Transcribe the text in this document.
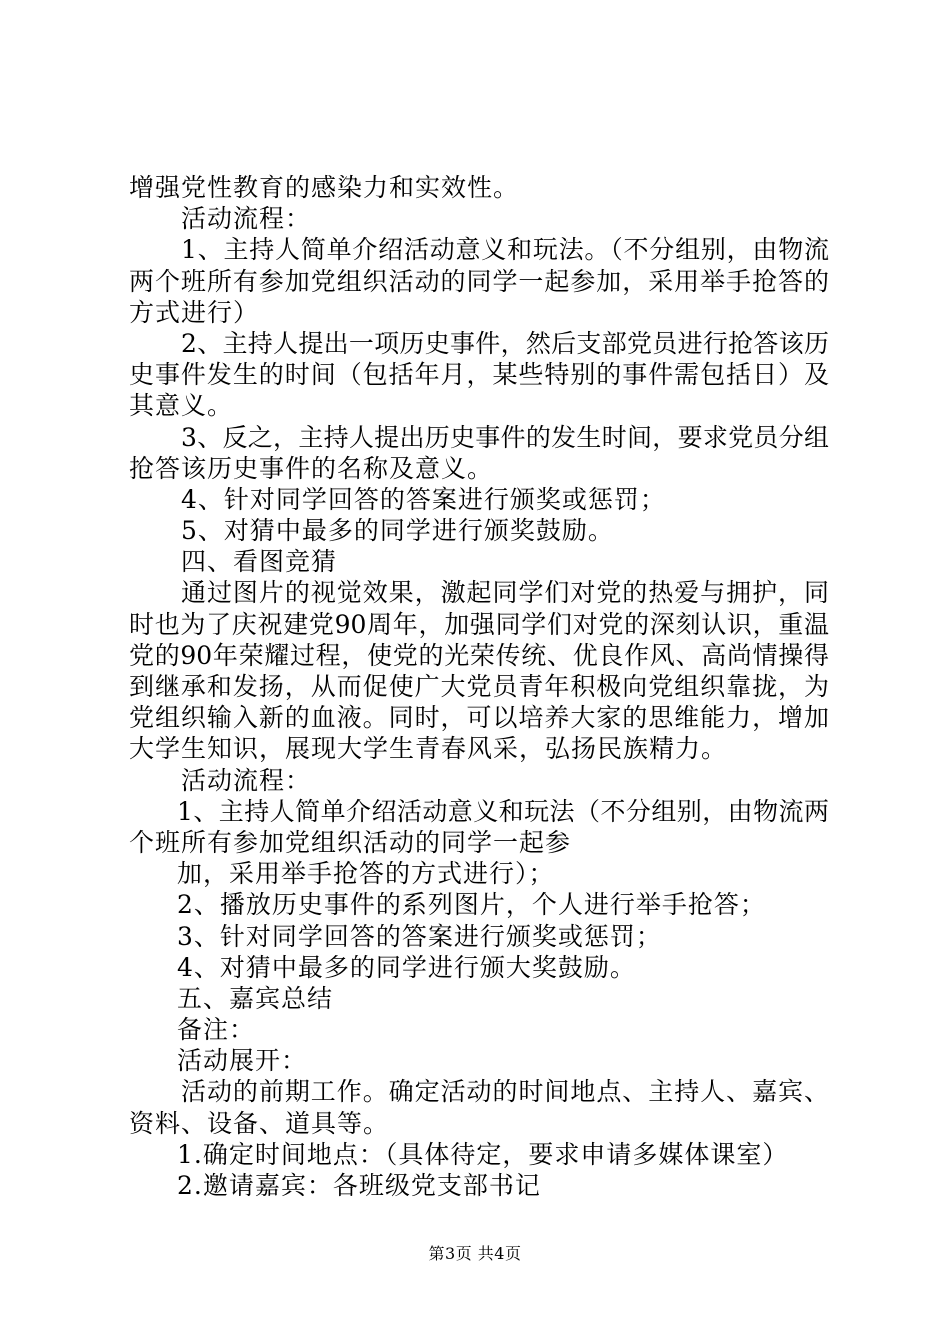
增强党性教育的感染力和实效性。
活动流程：
1、主持人简单介绍活动意义和玩法。（不分组别，由物流
两个班所有参加党组织活动的同学一起参加，采用举手抢答的
方式进行）
2、主持人提出一项历史事件，然后支部党员进行抢答该历
史事件发生的时间（包括年月，某些特别的事件需包括日）及
其意义。
3、反之，主持人提出历史事件的发生时间，要求党员分组
抢答该历史事件的名称及意义。
4、针对同学回答的答案进行颁奖或惩罚；
5、对猜中最多的同学进行颁奖鼓励。
四、看图竞猜
通过图片的视觉效果，激起同学们对党的热爱与拥护，同
时也为了庆祝建党90周年，加强同学们对党的深刻认识，重温
党的90年荣耀过程，使党的光荣传统、优良作风、高尚情操得
到继承和发扬，从而促使广大党员青年积极向党组织靠拢，为
党组织输入新的血液。同时，可以培养大家的思维能力，增加
大学生知识，展现大学生青春风采，弘扬民族精力。
活动流程：
1、主持人简单介绍活动意义和玩法（不分组别，由物流两
个班所有参加党组织活动的同学一起参
加，采用举手抢答的方式进行）；
2、播放历史事件的系列图片，个人进行举手抢答；
3、针对同学回答的答案进行颁奖或惩罚；
4、对猜中最多的同学进行颁大奖鼓励。
五、嘉宾总结
备注：
活动展开：
活动的前期工作。确定活动的时间地点、主持人、嘉宾、
资料、设备、道具等。
1.确定时间地点：（具体待定，要求申请多媒体课室）
2.邀请嘉宾：各班级党支部书记
第3页 共4页
